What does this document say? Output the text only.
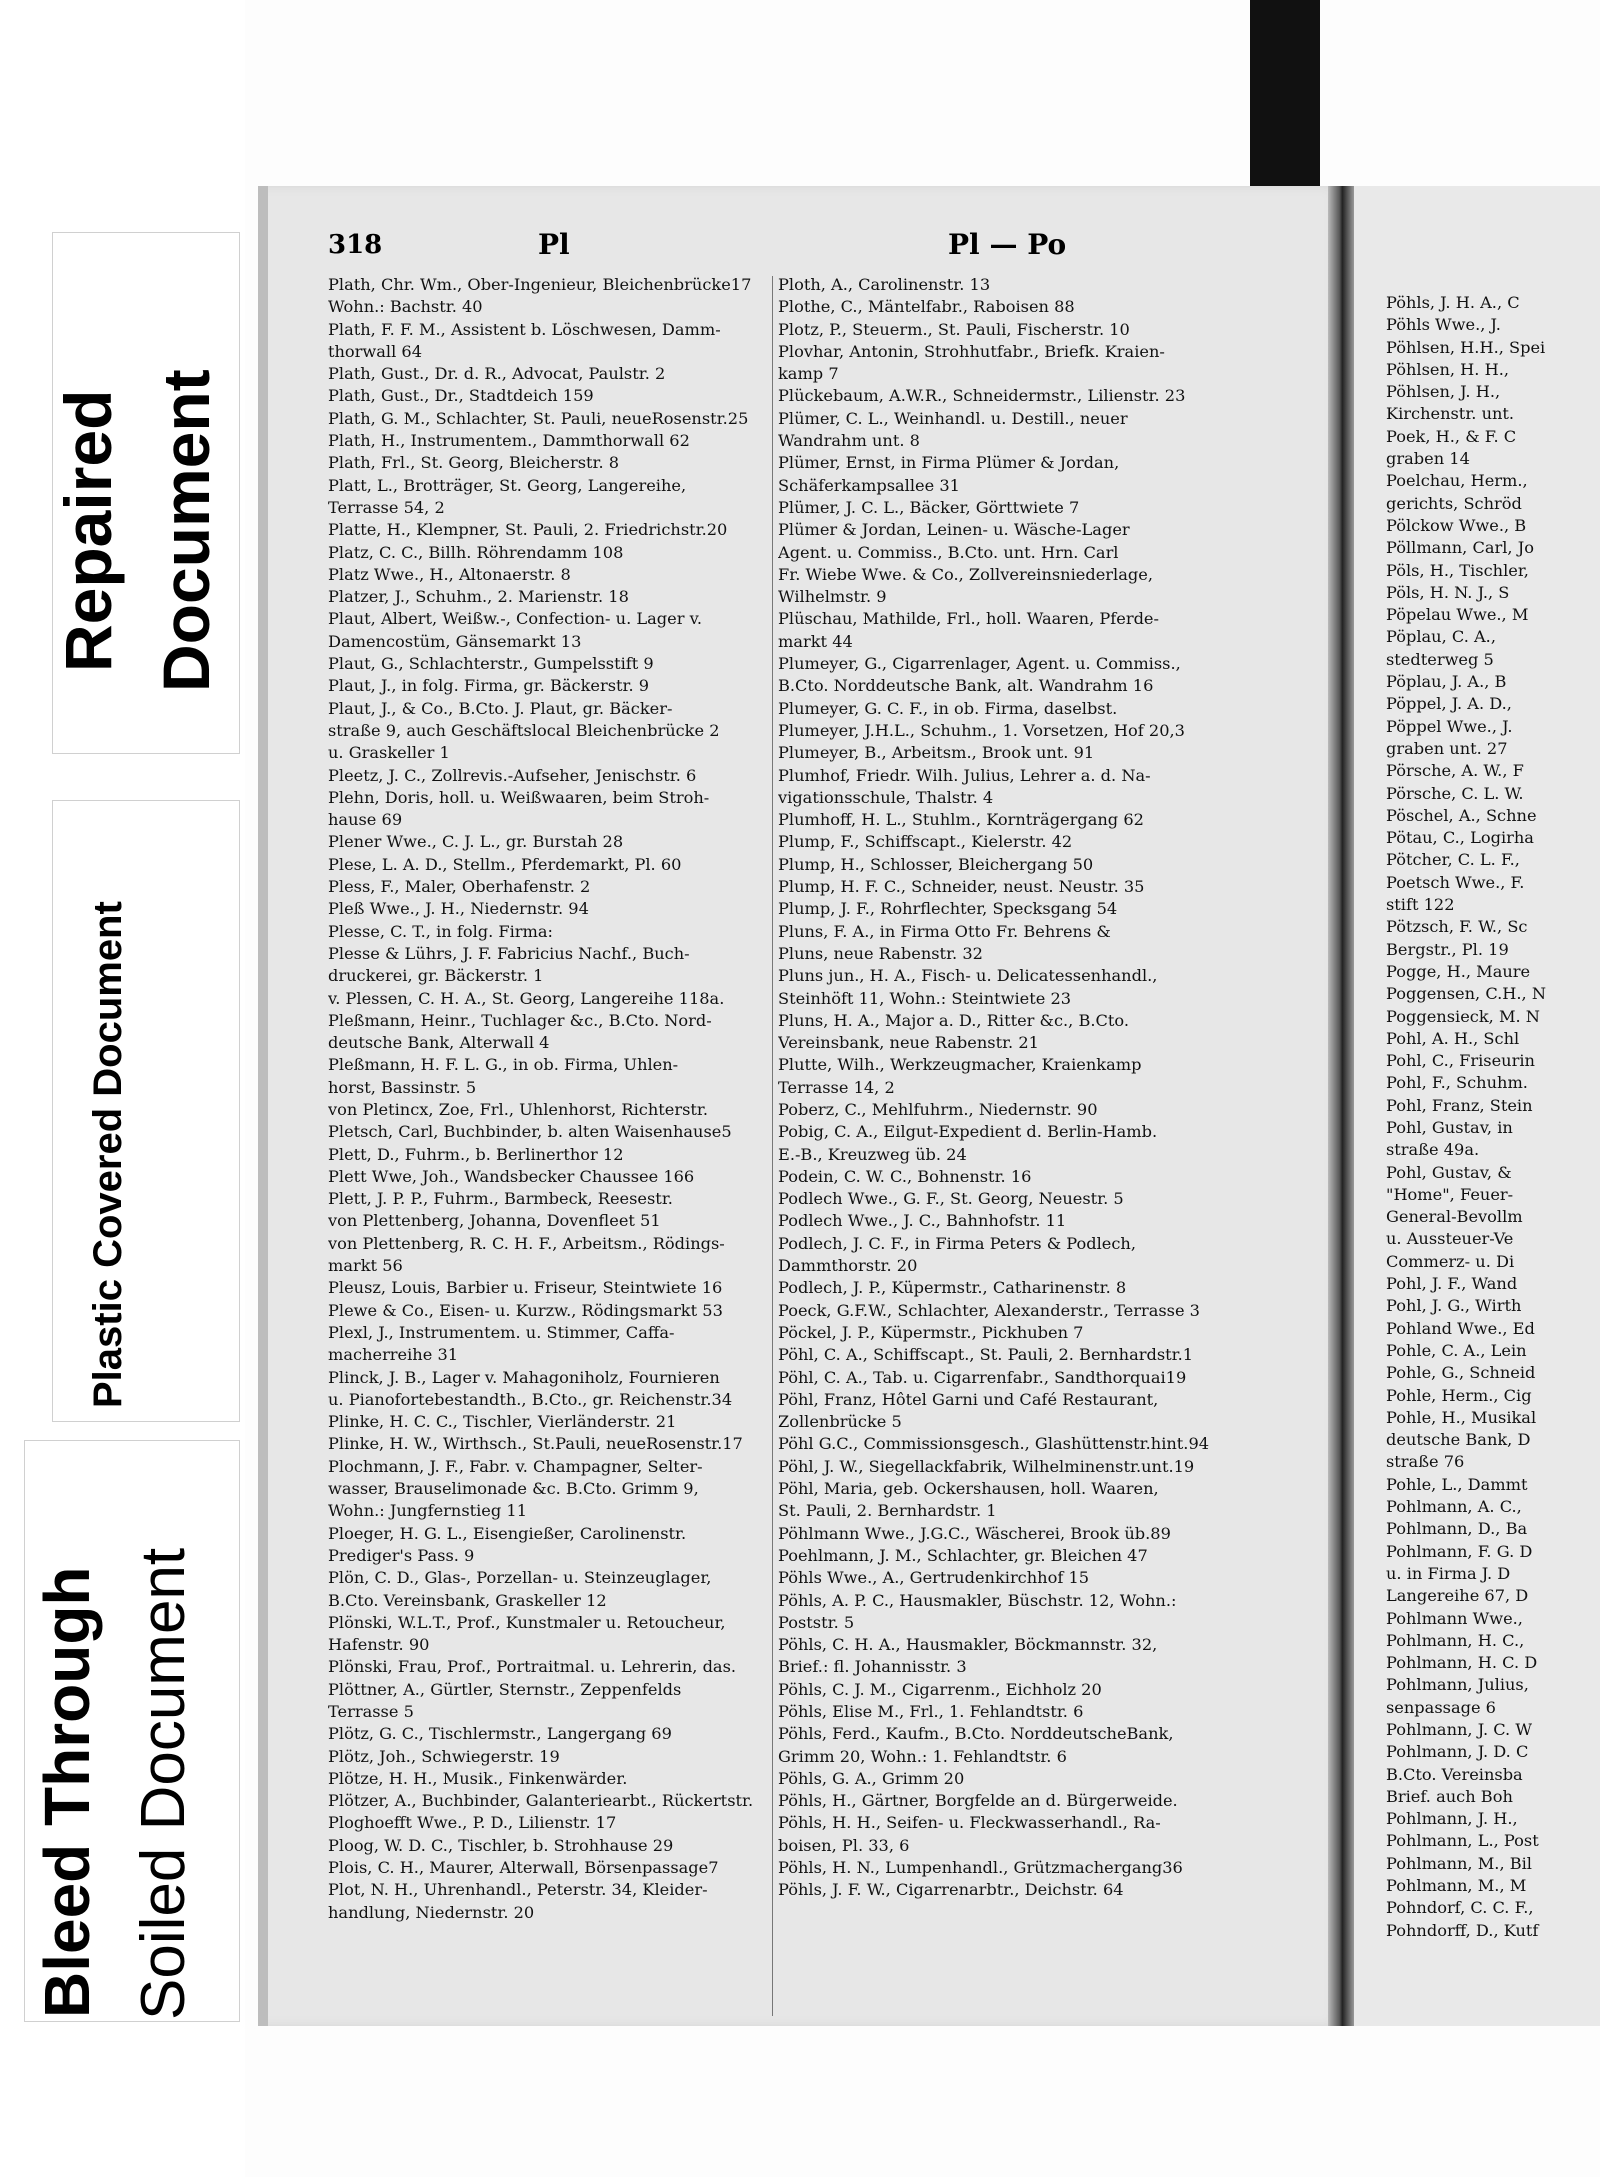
Repaired Document
Plastic Covered Document
Bleed Through Soiled Document
318	Pl	Pl — Po
Plath, Chr. Wm., Ober-Ingenieur, Bleichenbrücke17
Wohn.: Bachstr. 40
Plath, F. F. M., Assistent b. Löschwesen, Damm-
thorwall 64
Plath, Gust., Dr. d. R., Advocat, Paulstr. 2
Plath, Gust., Dr., Stadtdeich 159
Plath, G. M., Schlachter, St. Pauli, neueRosenstr.25
Plath, H., Instrumentem., Dammthorwall 62
Plath, Frl., St. Georg, Bleicherstr. 8
Platt, L., Brotträger, St. Georg, Langereihe,
Terrasse 54, 2
Platte, H., Klempner, St. Pauli, 2. Friedrichstr.20
Platz, C. C., Billh. Röhrendamm 108
Platz Wwe., H., Altonaerstr. 8
Platzer, J., Schuhm., 2. Marienstr. 18
Plaut, Albert, Weißw.-, Confection- u. Lager v.
Damencostüm, Gänsemarkt 13
Plaut, G., Schlachterstr., Gumpelsstift 9
Plaut, J., in folg. Firma, gr. Bäckerstr. 9
Plaut, J., & Co., B.Cto. J. Plaut, gr. Bäcker-
straße 9, auch Geschäftslocal Bleichenbrücke 2
u. Graskeller 1
Pleetz, J. C., Zollrevis.-Aufseher, Jenischstr. 6
Plehn, Doris, holl. u. Weißwaaren, beim Stroh-
hause 69
Plener Wwe., C. J. L., gr. Burstah 28
Plese, L. A. D., Stellm., Pferdemarkt, Pl. 60
Pless, F., Maler, Oberhafenstr. 2
Pleß Wwe., J. H., Niedernstr. 94
Plesse, C. T., in folg. Firma:
Plesse & Lührs, J. F. Fabricius Nachf., Buch-
druckerei, gr. Bäckerstr. 1
v. Plessen, C. H. A., St. Georg, Langereihe 118a.
Pleßmann, Heinr., Tuchlager &c., B.Cto. Nord-
deutsche Bank, Alterwall 4
Pleßmann, H. F. L. G., in ob. Firma, Uhlen-
horst, Bassinstr. 5
von Pletincx, Zoe, Frl., Uhlenhorst, Richterstr.
Pletsch, Carl, Buchbinder, b. alten Waisenhause5
Plett, D., Fuhrm., b. Berlinerthor 12
Plett Wwe, Joh., Wandsbecker Chaussee 166
Plett, J. P. P., Fuhrm., Barmbeck, Reesestr.
von Plettenberg, Johanna, Dovenfleet 51
von Plettenberg, R. C. H. F., Arbeitsm., Rödings-
markt 56
Pleusz, Louis, Barbier u. Friseur, Steintwiete 16
Plewe & Co., Eisen- u. Kurzw., Rödingsmarkt 53
Plexl, J., Instrumentem. u. Stimmer, Caffa-
macherreihe 31
Plinck, J. B., Lager v. Mahagoniholz, Fournieren
u. Pianofortebestandth., B.Cto., gr. Reichenstr.34
Plinke, H. C. C., Tischler, Vierländerstr. 21
Plinke, H. W., Wirthsch., St.Pauli, neueRosenstr.17
Plochmann, J. F., Fabr. v. Champagner, Selter-
wasser, Brauselimonade &c. B.Cto. Grimm 9,
Wohn.: Jungfernstieg 11
Ploeger, H. G. L., Eisengießer, Carolinenstr.
Prediger's Pass. 9
Plön, C. D., Glas-, Porzellan- u. Steinzeuglager,
B.Cto. Vereinsbank, Graskeller 12
Plönski, W.L.T., Prof., Kunstmaler u. Retoucheur,
Hafenstr. 90
Plönski, Frau, Prof., Portraitmal. u. Lehrerin, das.
Plöttner, A., Gürtler, Sternstr., Zeppenfelds
Terrasse 5
Plötz, G. C., Tischlermstr., Langergang 69
Plötz, Joh., Schwiegerstr. 19
Plötze, H. H., Musik., Finkenwärder.
Plötzer, A., Buchbinder, Galanteriearbt., Rückertstr.
Ploghoefft Wwe., P. D., Lilienstr. 17
Ploog, W. D. C., Tischler, b. Strohhause 29
Plois, C. H., Maurer, Alterwall, Börsenpassage7
Plot, N. H., Uhrenhandl., Peterstr. 34, Kleider-
handlung, Niedernstr. 20
Ploth, A., Carolinenstr. 13
Plothe, C., Mäntelfabr., Raboisen 88
Plotz, P., Steuerm., St. Pauli, Fischerstr. 10
Plovhar, Antonin, Strohhutfabr., Briefk. Kraien-
kamp 7
Plückebaum, A.W.R., Schneidermstr., Lilienstr. 23
Plümer, C. L., Weinhandl. u. Destill., neuer
Wandrahm unt. 8
Plümer, Ernst, in Firma Plümer & Jordan,
Schäferkampsallee 31
Plümer, J. C. L., Bäcker, Görttwiete 7
Plümer & Jordan, Leinen- u. Wäsche-Lager
Agent. u. Commiss., B.Cto. unt. Hrn. Carl
Fr. Wiebe Wwe. & Co., Zollvereinsniederlage,
Wilhelmstr. 9
Plüschau, Mathilde, Frl., holl. Waaren, Pferde-
markt 44
Plumeyer, G., Cigarrenlager, Agent. u. Commiss.,
B.Cto. Norddeutsche Bank, alt. Wandrahm 16
Plumeyer, G. C. F., in ob. Firma, daselbst.
Plumeyer, J.H.L., Schuhm., 1. Vorsetzen, Hof 20,3
Plumeyer, B., Arbeitsm., Brook unt. 91
Plumhof, Friedr. Wilh. Julius, Lehrer a. d. Na-
vigationsschule, Thalstr. 4
Plumhoff, H. L., Stuhlm., Kornträgergang 62
Plump, F., Schiffscapt., Kielerstr. 42
Plump, H., Schlosser, Bleichergang 50
Plump, H. F. C., Schneider, neust. Neustr. 35
Plump, J. F., Rohrflechter, Specksgang 54
Pluns, F. A., in Firma Otto Fr. Behrens &
Pluns, neue Rabenstr. 32
Pluns jun., H. A., Fisch- u. Delicatessenhandl.,
Steinhöft 11, Wohn.: Steintwiete 23
Pluns, H. A., Major a. D., Ritter &c., B.Cto.
Vereinsbank, neue Rabenstr. 21
Plutte, Wilh., Werkzeugmacher, Kraienkamp
Terrasse 14, 2
Poberz, C., Mehlfuhrm., Niedernstr. 90
Pobig, C. A., Eilgut-Expedient d. Berlin-Hamb.
E.-B., Kreuzweg üb. 24
Podein, C. W. C., Bohnenstr. 16
Podlech Wwe., G. F., St. Georg, Neuestr. 5
Podlech Wwe., J. C., Bahnhofstr. 11
Podlech, J. C. F., in Firma Peters & Podlech,
Dammthorstr. 20
Podlech, J. P., Küpermstr., Catharinenstr. 8
Poeck, G.F.W., Schlachter, Alexanderstr., Terrasse 3
Pöckel, J. P., Küpermstr., Pickhuben 7
Pöhl, C. A., Schiffscapt., St. Pauli, 2. Bernhardstr.1
Pöhl, C. A., Tab. u. Cigarrenfabr., Sandthorquai19
Pöhl, Franz, Hôtel Garni und Café Restaurant,
Zollenbrücke 5
Pöhl G.C., Commissionsgesch., Glashüttenstr.hint.94
Pöhl, J. W., Siegellackfabrik, Wilhelminenstr.unt.19
Pöhl, Maria, geb. Ockershausen, holl. Waaren,
St. Pauli, 2. Bernhardstr. 1
Pöhlmann Wwe., J.G.C., Wäscherei, Brook üb.89
Poehlmann, J. M., Schlachter, gr. Bleichen 47
Pöhls Wwe., A., Gertrudenkirchhof 15
Pöhls, A. P. C., Hausmakler, Büschstr. 12, Wohn.:
Poststr. 5
Pöhls, C. H. A., Hausmakler, Böckmannstr. 32,
Brief.: fl. Johannisstr. 3
Pöhls, C. J. M., Cigarrenm., Eichholz 20
Pöhls, Elise M., Frl., 1. Fehlandtstr. 6
Pöhls, Ferd., Kaufm., B.Cto. NorddeutscheBank,
Grimm 20, Wohn.: 1. Fehlandtstr. 6
Pöhls, G. A., Grimm 20
Pöhls, H., Gärtner, Borgfelde an d. Bürgerweide.
Pöhls, H. H., Seifen- u. Fleckwasserhandl., Ra-
boisen, Pl. 33, 6
Pöhls, H. N., Lumpenhandl., Grützmachergang36
Pöhls, J. F. W., Cigarrenarbtr., Deichstr. 64
Pöhls, J. H. A., C
Pöhls Wwe., J.
Pöhlsen, H.H., Spei
Pöhlsen, H. H.,
Pöhlsen, J. H.,
Kirchenstr. unt.
Poek, H., & F. C
graben 14
Poelchau, Herm.,
gerichts, Schröd
Pölckow Wwe., B
Pöllmann, Carl, Jo
Pöls, H., Tischler,
Pöls, H. N. J., S
Pöpelau Wwe., M
Pöplau, C. A.,
stedterweg 5
Pöplau, J. A., B
Pöppel, J. A. D.,
Pöppel Wwe., J.
graben unt. 27
Pörsche, A. W., F
Pörsche, C. L. W.
Pöschel, A., Schne
Pötau, C., Logirha
Pötcher, C. L. F.,
Poetsch Wwe., F.
stift 122
Pötzsch, F. W., Sc
Bergstr., Pl. 19
Pogge, H., Maure
Poggensen, C.H., N
Poggensieck, M. N
Pohl, A. H., Schl
Pohl, C., Friseurin
Pohl, F., Schuhm.
Pohl, Franz, Stein
Pohl, Gustav, in
straße 49a.
Pohl, Gustav, &
"Home", Feuer-
General-Bevollm
u. Aussteuer-Ve
Commerz- u. Di
Pohl, J. F., Wand
Pohl, J. G., Wirth
Pohland Wwe., Ed
Pohle, C. A., Lein
Pohle, G., Schneid
Pohle, Herm., Cig
Pohle, H., Musikal
deutsche Bank, D
straße 76
Pohle, L., Dammt
Pohlmann, A. C.,
Pohlmann, D., Ba
Pohlmann, F. G. D
u. in Firma J. D
Langereihe 67, D
Pohlmann Wwe.,
Pohlmann, H. C.,
Pohlmann, H. C. D
Pohlmann, Julius,
senpassage 6
Pohlmann, J. C. W
Pohlmann, J. D. C
B.Cto. Vereinsba
Brief. auch Boh
Pohlmann, J. H.,
Pohlmann, L., Post
Pohlmann, M., Bil
Pohlmann, M., M
Pohndorf, C. C. F.,
Pohndorff, D., Kutf
